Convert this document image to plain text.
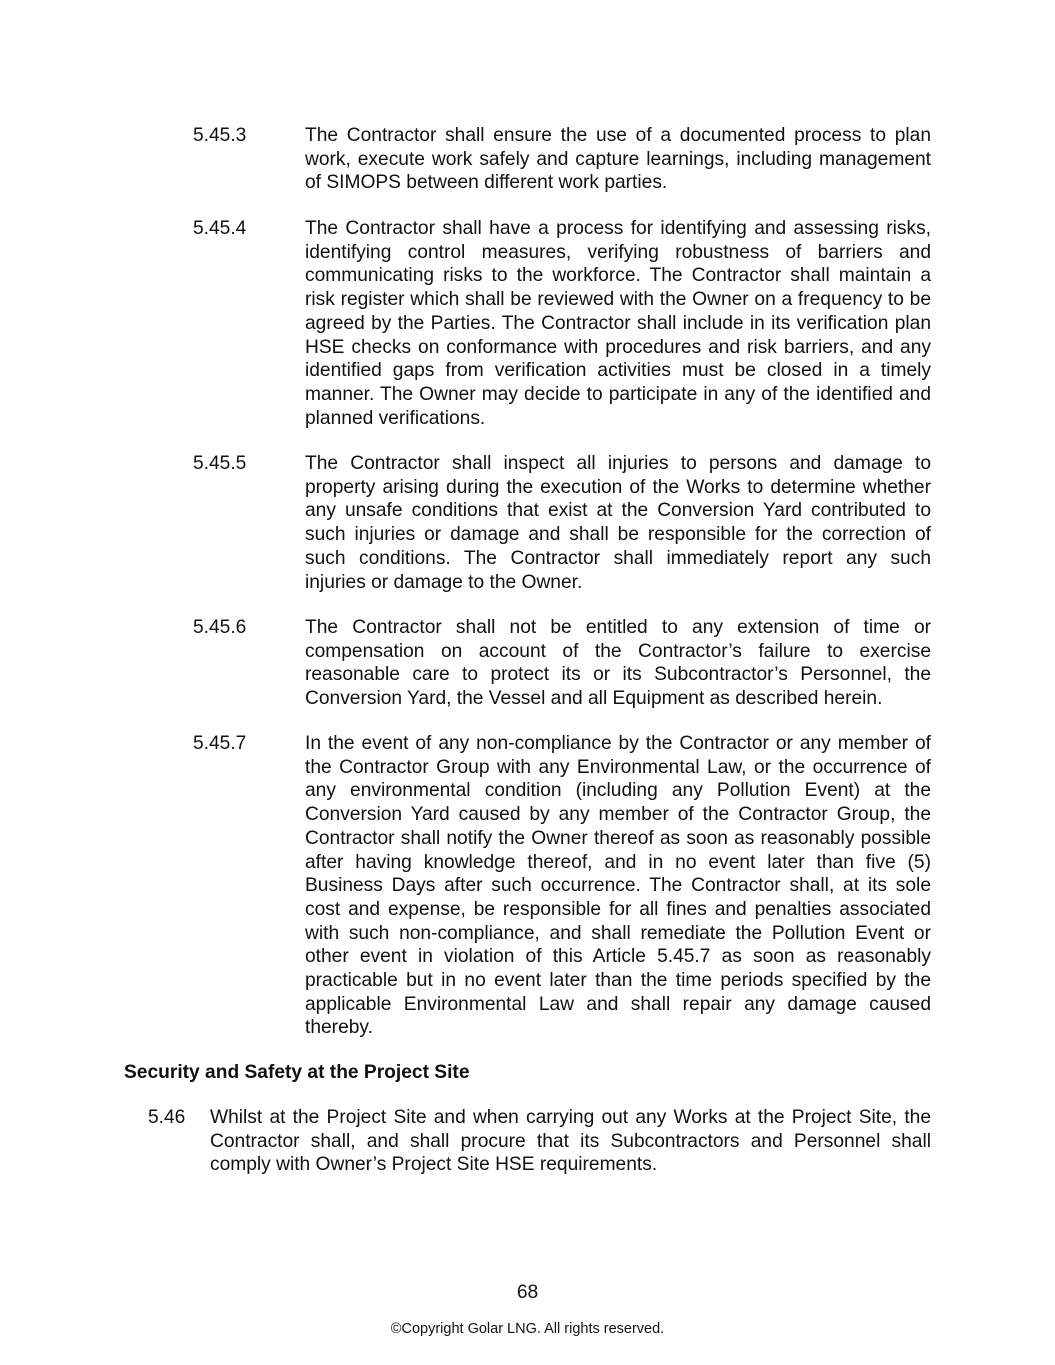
5.45.3	The Contractor shall ensure the use of a documented process to plan work, execute work safely and capture learnings, including management of SIMOPS between different work parties.
5.45.4	The Contractor shall have a process for identifying and assessing risks, identifying control measures, verifying robustness of barriers and communicating risks to the workforce. The Contractor shall maintain a risk register which shall be reviewed with the Owner on a frequency to be agreed by the Parties. The Contractor shall include in its verification plan HSE checks on conformance with procedures and risk barriers, and any identified gaps from verification activities must be closed in a timely manner. The Owner may decide to participate in any of the identified and planned verifications.
5.45.5	The Contractor shall inspect all injuries to persons and damage to property arising during the execution of the Works to determine whether any unsafe conditions that exist at the Conversion Yard contributed to such injuries or damage and shall be responsible for the correction of such conditions. The Contractor shall immediately report any such injuries or damage to the Owner.
5.45.6	The Contractor shall not be entitled to any extension of time or compensation on account of the Contractor’s failure to exercise reasonable care to protect its or its Subcontractor’s Personnel, the Conversion Yard, the Vessel and all Equipment as described herein.
5.45.7	In the event of any non-compliance by the Contractor or any member of the Contractor Group with any Environmental Law, or the occurrence of any environmental condition (including any Pollution Event) at the Conversion Yard caused by any member of the Contractor Group, the Contractor shall notify the Owner thereof as soon as reasonably possible after having knowledge thereof, and in no event later than five (5) Business Days after such occurrence. The Contractor shall, at its sole cost and expense, be responsible for all fines and penalties associated with such non-compliance, and shall remediate the Pollution Event or other event in violation of this Article 5.45.7 as soon as reasonably practicable but in no event later than the time periods specified by the applicable Environmental Law and shall repair any damage caused thereby.
Security and Safety at the Project Site
5.46 Whilst at the Project Site and when carrying out any Works at the Project Site, the Contractor shall, and shall procure that its Subcontractors and Personnel shall comply with Owner’s Project Site HSE requirements.
68
©Copyright Golar LNG. All rights reserved.
